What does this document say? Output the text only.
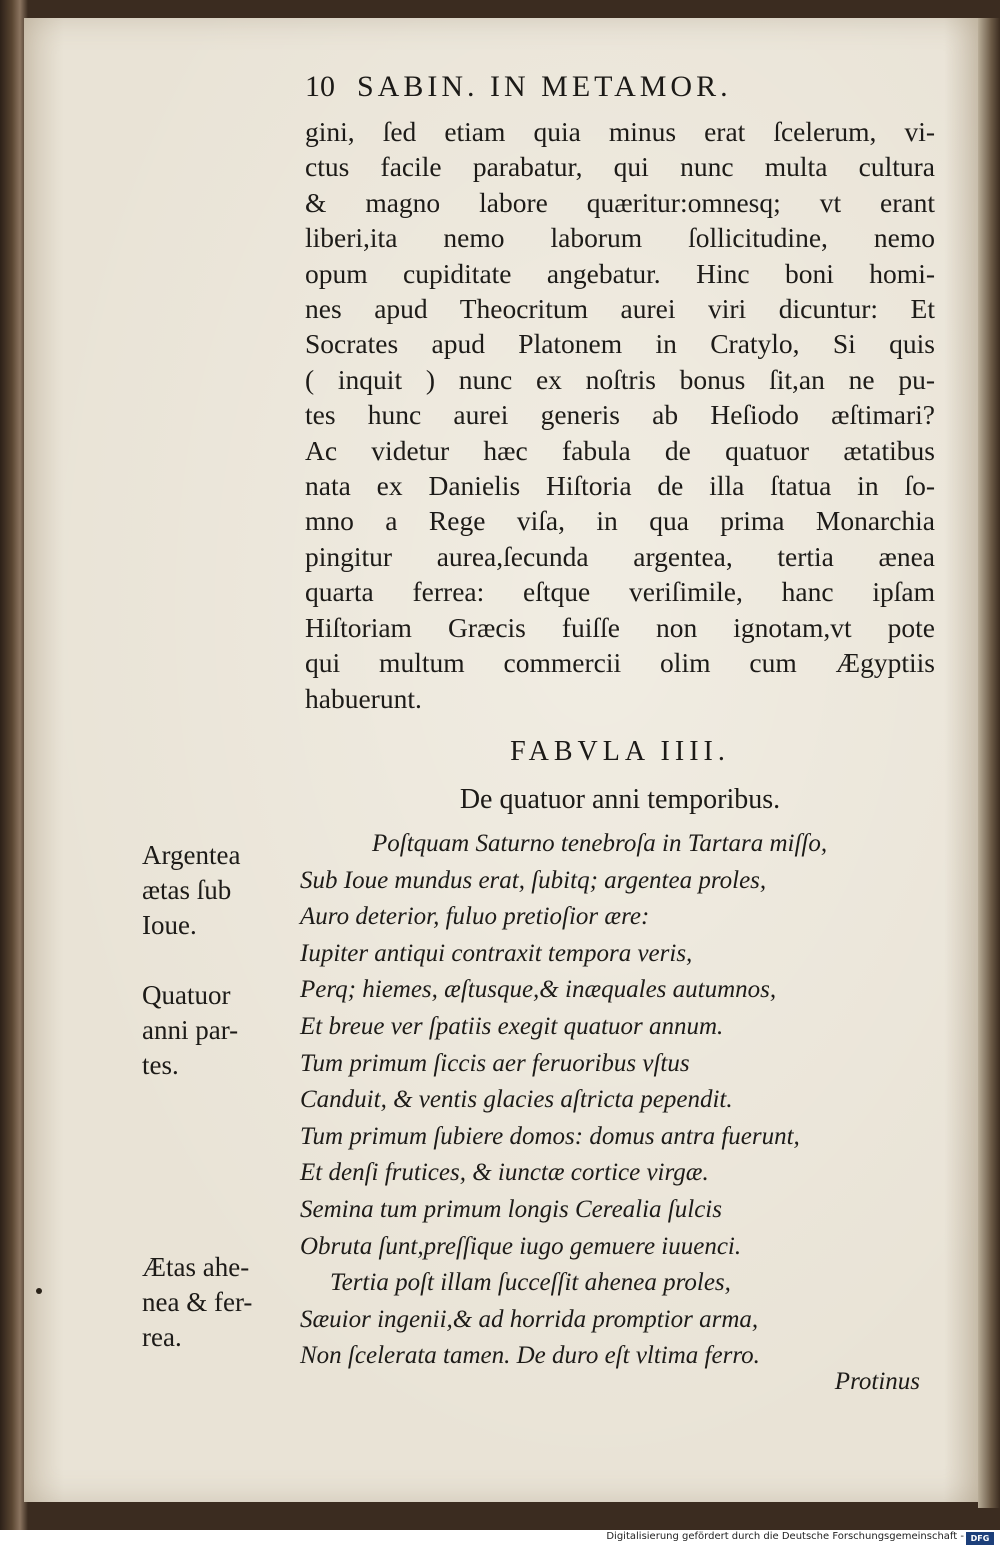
10 SABIN. IN METAMOR.
gini, ſed etiam quia minus erat ſcelerum, vi-
ctus facile parabatur, qui nunc multa cultura
& magno labore quæritur:omnesq; vt erant
liberi,ita nemo laborum ſollicitudine, nemo
opum cupiditate angebatur. Hinc boni homi-
nes apud Theocritum aurei viri dicuntur: Et
Socrates apud Platonem in Cratylo, Si quis
( inquit ) nunc ex noſtris bonus ſit,an ne pu-
tes hunc aurei generis ab Heſiodo æſtimari?
Ac videtur hæc fabula de quatuor ætatibus
nata ex Danielis Hiſtoria de illa ſtatua in ſo-
mno a Rege viſa, in qua prima Monarchia
pingitur aurea,ſecunda argentea, tertia ænea
quarta ferrea: eſtque veriſimile, hanc ipſam
Hiſtoriam Græcis fuiſſe non ignotam,vt pote
qui multum commercii olim cum Ægyptiis
habuerunt.
FABVLA IIII.
De quatuor anni temporibus.
Poſtquam Saturno tenebroſa in Tartara miſſo,
Sub Ioue mundus erat, ſubitq; argentea proles,
Auro deterior, fuluo pretioſior ære:
Iupiter antiqui contraxit tempora veris,
Perq; hiemes, æſtusque,& inæquales autumnos,
Et breue ver ſpatiis exegit quatuor annum.
Tum primum ſiccis aer feruoribus vſtus
Canduit, & ventis glacies aſtricta pependit.
Tum primum ſubiere domos: domus antra fuerunt,
Et denſi frutices, & iunctæ cortice virgæ.
Semina tum primum longis Cerealia ſulcis
Obruta ſunt,preſſique iugo gemuere iuuenci.
Tertia poſt illam ſucceſſit ahenea proles,
Sæuior ingenii,& ad horrida promptior arma,
Non ſcelerata tamen. De duro eſt vltima ferro.
Protinus
Argentea
ætas ſub
Ioue.
Quatuor
anni par-
tes.
Ætas ahe-
nea & fer-
rea.
Digitalisierung gefördert durch die Deutsche Forschungsgemeinschaft - DFG
